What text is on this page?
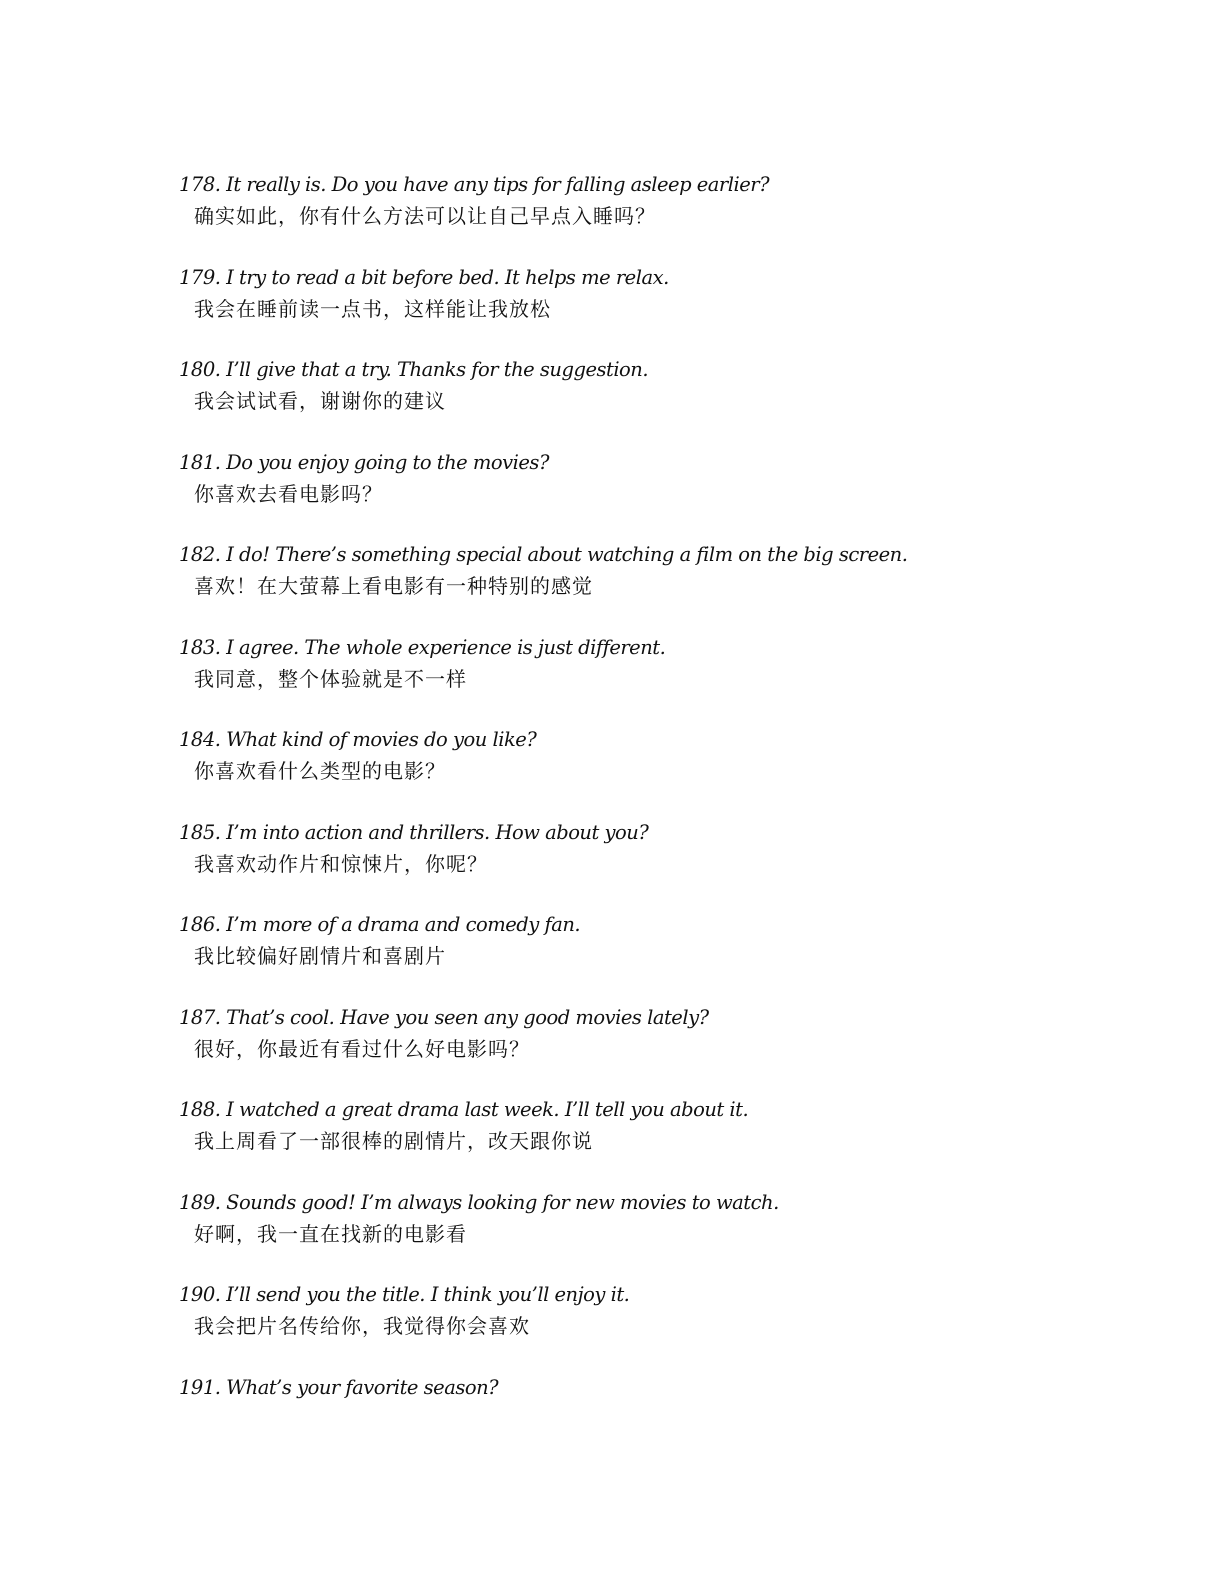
178. It really is. Do you have any tips for falling asleep earlier?
确实如此，你有什么方法可以让自己早点入睡吗？
179. I try to read a bit before bed. It helps me relax.
我会在睡前读一点书，这样能让我放松
180. I’ll give that a try. Thanks for the suggestion.
我会试试看，谢谢你的建议
181. Do you enjoy going to the movies?
你喜欢去看电影吗？
182. I do! There’s something special about watching a film on the big screen.
喜欢！在大萤幕上看电影有一种特别的感觉
183. I agree. The whole experience is just different.
我同意，整个体验就是不一样
184. What kind of movies do you like?
你喜欢看什么类型的电影？
185. I’m into action and thrillers. How about you?
我喜欢动作片和惊悚片，你呢？
186. I’m more of a drama and comedy fan.
我比较偏好剧情片和喜剧片
187. That’s cool. Have you seen any good movies lately?
很好，你最近有看过什么好电影吗？
188. I watched a great drama last week. I’ll tell you about it.
我上周看了一部很棒的剧情片，改天跟你说
189. Sounds good! I’m always looking for new movies to watch.
好啊，我一直在找新的电影看
190. I’ll send you the title. I think you’ll enjoy it.
我会把片名传给你，我觉得你会喜欢
191. What’s your favorite season?
